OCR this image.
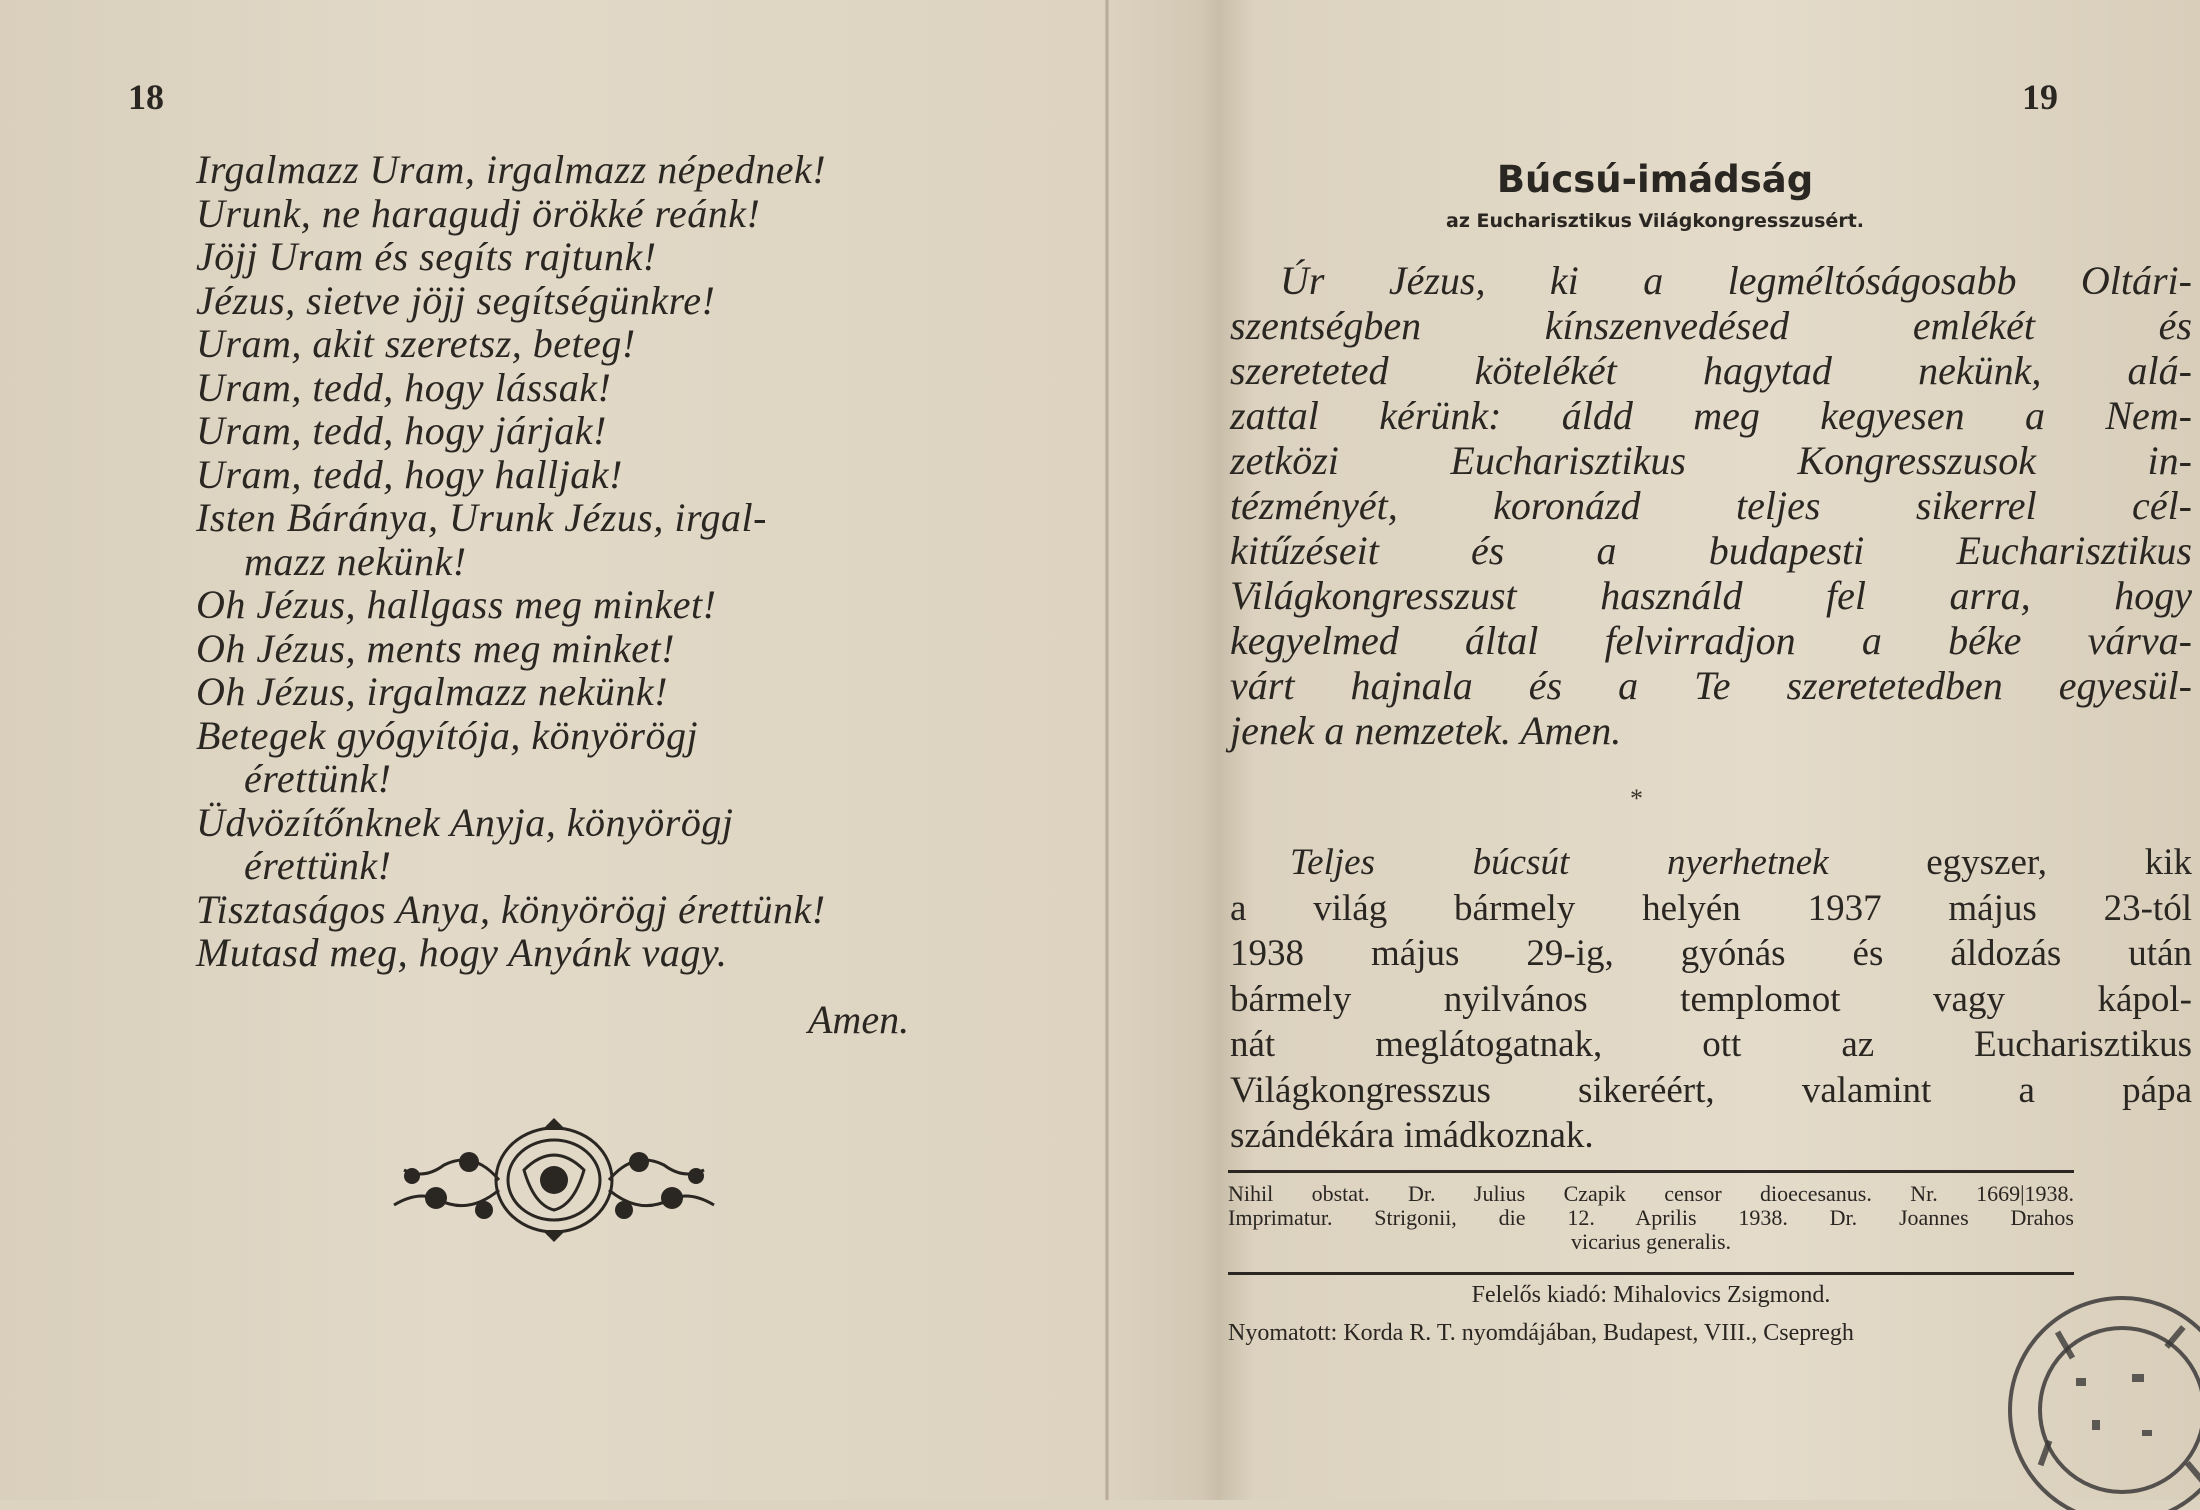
18
Irgalmazz Uram, irgalmazz népednek!
Urunk, ne haragudj örökké reánk!
Jöjj Uram és segíts rajtunk!
Jézus, sietve jöjj segítségünkre!
Uram, akit szeretsz, beteg!
Uram, tedd, hogy lássak!
Uram, tedd, hogy járjak!
Uram, tedd, hogy halljak!
Isten Báránya, Urunk Jézus, irgal-
mazz nekünk!
Oh Jézus, hallgass meg minket!
Oh Jézus, ments meg minket!
Oh Jézus, irgalmazz nekünk!
Betegek gyógyítója, könyörögj
érettünk!
Üdvözítőnknek Anyja, könyörögj
érettünk!
Tisztaságos Anya, könyörögj érettünk!
Mutasd meg, hogy Anyánk vagy.
Amen.
19
Búcsú-imádság
az Eucharisztikus Világkongresszusért.
Úr Jézus, ki a legméltóságosabb Oltári-
szentségben kínszenvedésed emlékét és
szereteted kötelékét hagytad nekünk, alá-
zattal kérünk: áldd meg kegyesen a Nem-
zetközi Eucharisztikus Kongresszusok in-
tézményét, koronázd teljes sikerrel cél-
kitűzéseit és a budapesti Eucharisztikus
Világkongresszust használd fel arra, hogy
kegyelmed által felvirradjon a béke várva-
várt hajnala és a Te szeretetedben egyesül-
jenek a nemzetek. Amen.
*
Teljes búcsút nyerhetnek egyszer, kik
a világ bármely helyén 1937 május 23-tól
1938 május 29-ig, gyónás és áldozás után
bármely nyilvános templomot vagy kápol-
nát meglátogatnak, ott az Eucharisztikus
Világkongresszus sikeréért, valamint a pápa
szándékára imádkoznak.
Nihil obstat. Dr. Julius Czapik censor dioecesanus. Nr. 1669|1938.
Imprimatur. Strigonii, die 12. Aprilis 1938. Dr. Joannes Drahos
vicarius generalis.
Felelős kiadó: Mihalovics Zsigmond.
Nyomatott: Korda R. T. nyomdájában, Budapest, VIII., Csepregh
